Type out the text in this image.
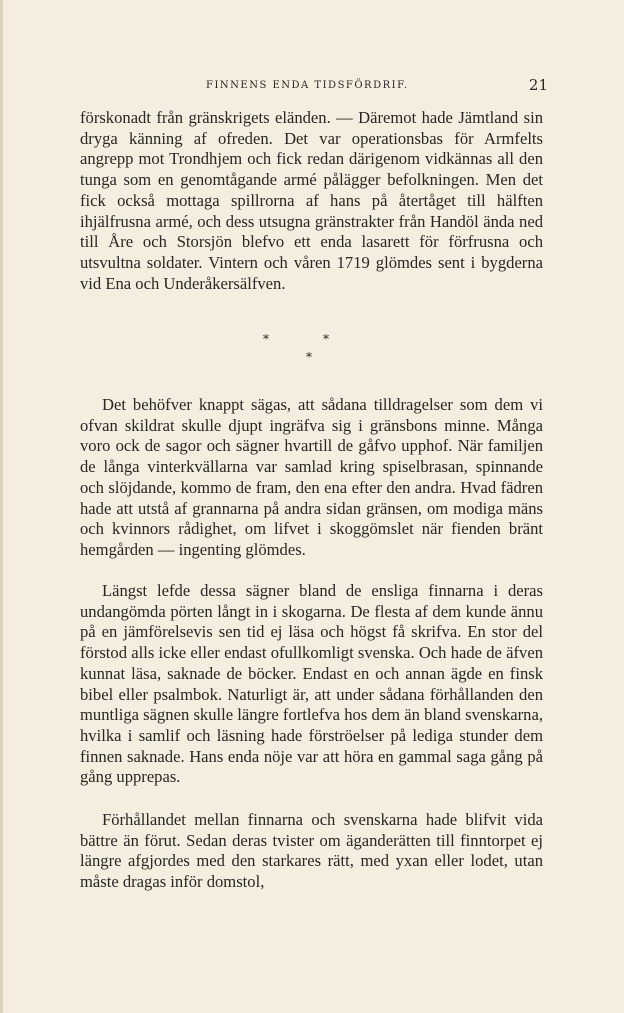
FINNENS ENDA TIDSFÖRDRIF.	21

förskonadt från gränskrigets eländen. — Däremot hade Jämtland sin dryga känning af ofreden. Det var operationsbas för Armfelts angrepp mot Trondhjem och fick redan därigenom vidkännas all den tunga som en genomtågande armé pålägger befolkningen. Men det fick också mottaga spillrorna af hans på återtåget till hälften ihjälfrusna armé, och dess utsugna gränstrakter från Handöl ända ned till Åre och Storsjön blefvo ett enda lasarett för förfrusna och utsvultna soldater. Vintern och våren 1719 glömdes sent i bygderna vid Ena och Underåkersälfven.

*	*
*

Det behöfver knappt sägas, att sådana tilldragelser som dem vi ofvan skildrat skulle djupt ingräfva sig i gränsbons minne. Många voro ock de sagor och sägner hvartill de gåfvo upphof. När familjen de långa vinterkvällarna var samlad kring spiselbrasan, spinnande och slöjdande, kommo de fram, den ena efter den andra. Hvad fädren hade att utstå af grannarna på andra sidan gränsen, om modiga mäns och kvinnors rådighet, om lifvet i skoggömslet när fienden bränt hemgården — ingenting glömdes.

Längst lefde dessa sägner bland de ensliga finnarna i deras undangömda pörten långt in i skogarna. De flesta af dem kunde ännu på en jämförelsevis sen tid ej läsa och högst få skrifva. En stor del förstod alls icke eller endast ofullkomligt svenska. Och hade de äfven kunnat läsa, saknade de böcker. Endast en och annan ägde en finsk bibel eller psalmbok. Naturligt är, att under sådana förhållanden den muntliga sägnen skulle längre fortlefva hos dem än bland svenskarna, hvilka i samlif och läsning hade förströelser på lediga stunder dem finnen saknade. Hans enda nöje var att höra en gammal saga gång på gång upprepas.

Förhållandet mellan finnarna och svenskarna hade blifvit vida bättre än förut. Sedan deras tvister om äganderätten till finntorpet ej längre afgjordes med den starkares rätt, med yxan eller lodet, utan måste dragas inför domstol,
